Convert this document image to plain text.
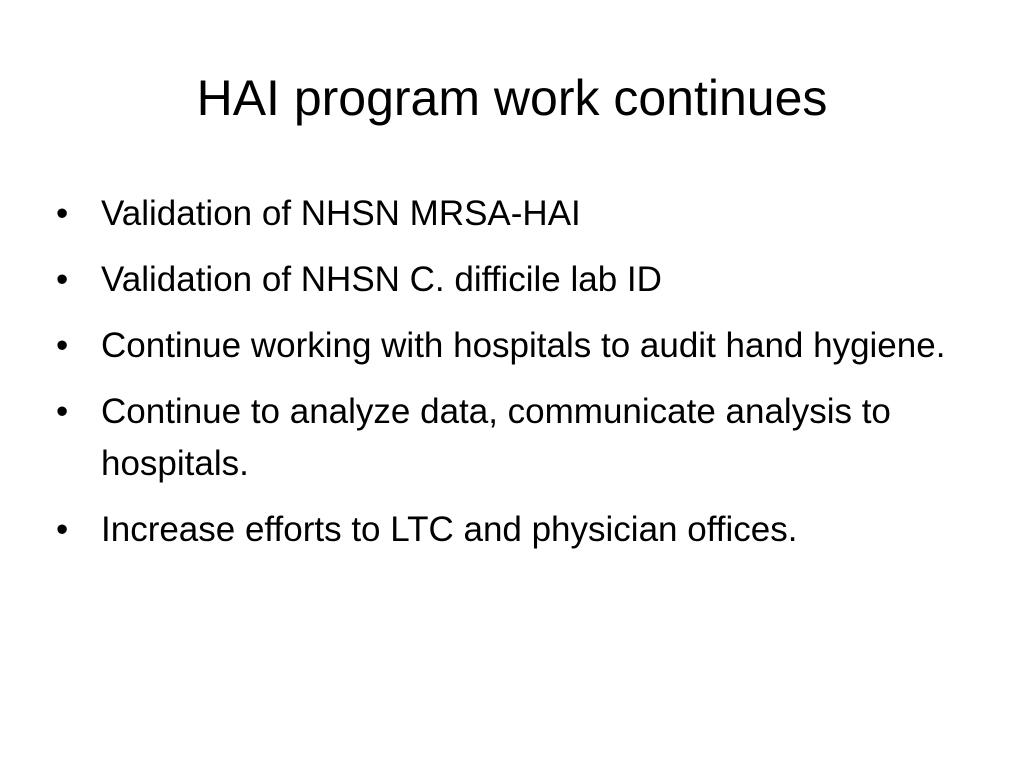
HAI program work continues
• Validation of NHSN MRSA-HAI
• Validation of NHSN C. difficile lab ID
• Continue working with hospitals to audit hand hygiene.
• Continue to analyze data, communicate analysis to hospitals.
• Increase efforts to LTC and physician offices.
